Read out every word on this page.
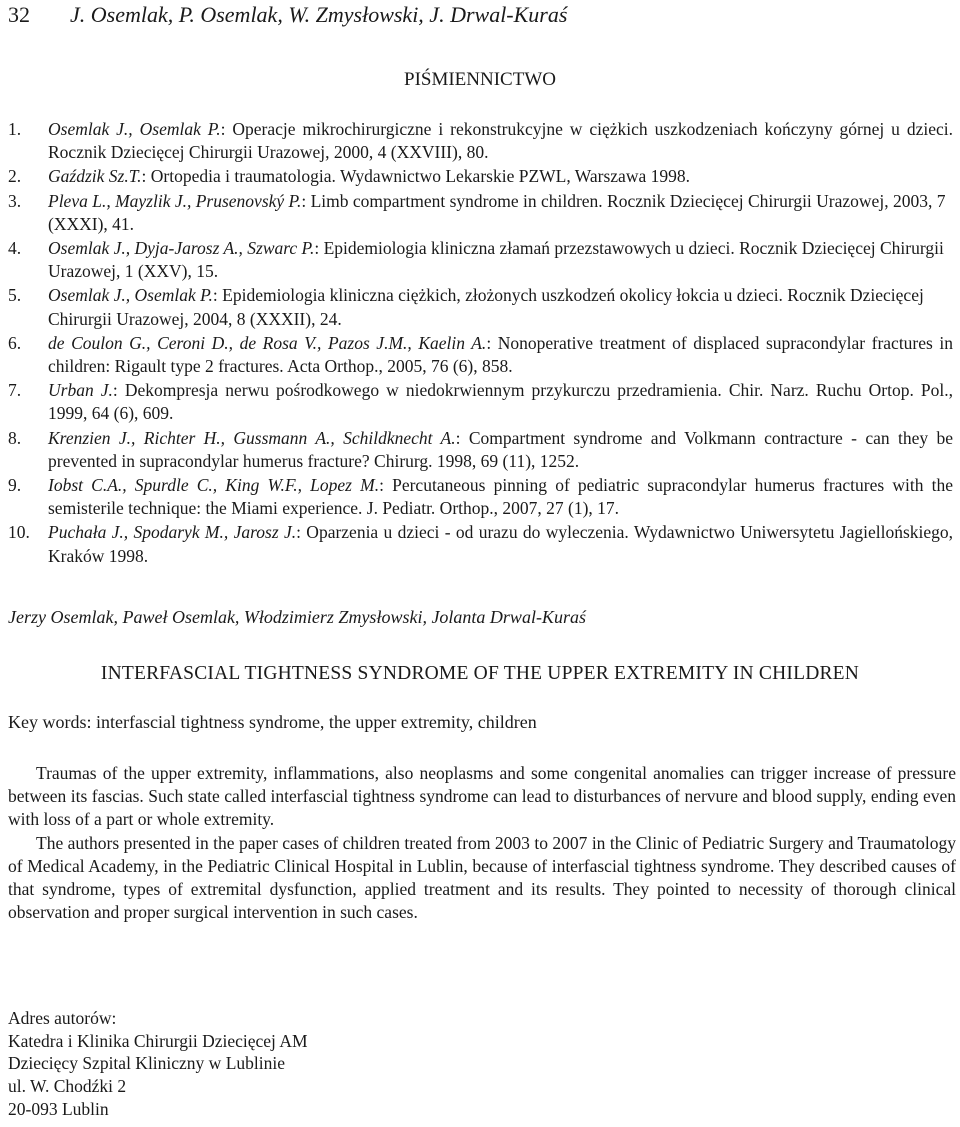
32 J. Osemlak, P. Osemlak, W. Zmysłowski, J. Drwal-Kuraś
PIŚMIENNICTWO
1.	Osemlak J., Osemlak P.: Operacje mikrochirurgiczne i rekonstrukcyjne w ciężkich uszkodzeniach kończyny górnej u dzieci. Rocznik Dziecięcej Chirurgii Urazowej, 2000, 4 (XXVIII), 80.
2.	Gaździk Sz.T.: Ortopedia i traumatologia. Wydawnictwo Lekarskie PZWL, Warszawa 1998.
3.	Pleva L., Mayzlik J., Prusenovský P.: Limb compartment syndrome in children. Rocznik Dziecięcej Chirurgii Urazowej, 2003, 7 (XXXI), 41.
4.	Osemlak J., Dyja-Jarosz A., Szwarc P.: Epidemiologia kliniczna złamań przezstawowych u dzieci. Rocznik Dziecięcej Chirurgii Urazowej, 1 (XXV), 15.
5.	Osemlak J., Osemlak P.: Epidemiologia kliniczna ciężkich, złożonych uszkodzeń okolicy łokcia u dzieci. Rocznik Dziecięcej Chirurgii Urazowej, 2004, 8 (XXXII), 24.
6.	de Coulon G., Ceroni D., de Rosa V., Pazos J.M., Kaelin A.: Nonoperative treatment of displaced supracondylar fractures in children: Rigault type 2 fractures. Acta Orthop., 2005, 76 (6), 858.
7.	Urban J.: Dekompresja nerwu pośrodkowego w niedokrwiennym przykurczu przedramienia. Chir. Narz. Ruchu Ortop. Pol., 1999, 64 (6), 609.
8.	Krenzien J., Richter H., Gussmann A., Schildknecht A.: Compartment syndrome and Volkmann contracture - can they be prevented in supracondylar humerus fracture? Chirurg. 1998, 69 (11), 1252.
9.	Iobst C.A., Spurdle C., King W.F., Lopez M.: Percutaneous pinning of pediatric supracondylar humerus fractures with the semisterile technique: the Miami experience. J. Pediatr. Orthop., 2007, 27 (1), 17.
10.	Puchała J., Spodaryk M., Jarosz J.: Oparzenia u dzieci - od urazu do wyleczenia. Wydawnictwo Uniwersytetu Jagiellońskiego, Kraków 1998.
Jerzy Osemlak, Paweł Osemlak, Włodzimierz Zmysłowski, Jolanta Drwal-Kuraś
INTERFASCIAL TIGHTNESS SYNDROME OF THE UPPER EXTREMITY IN CHILDREN
Key words: interfascial tightness syndrome, the upper extremity, children

Traumas of the upper extremity, inflammations, also neoplasms and some congenital anomalies can trigger increase of pressure between its fascias. Such state called interfascial tightness syndrome can lead to disturbances of nervure and blood supply, ending even with loss of a part or whole extremity.

The authors presented in the paper cases of children treated from 2003 to 2007 in the Clinic of Pediatric Surgery and Traumatology of Medical Academy, in the Pediatric Clinical Hospital in Lublin, because of interfascial tightness syndrome. They described causes of that syndrome, types of extremital dysfunction, applied treatment and its results. They pointed to necessity of thorough clinical observation and proper surgical intervention in such cases.

Adres autorów:
Katedra i Klinika Chirurgii Dziecięcej AM
Dziecięcy Szpital Kliniczny w Lublinie
ul. W. Chodźki 2
20-093 Lublin
